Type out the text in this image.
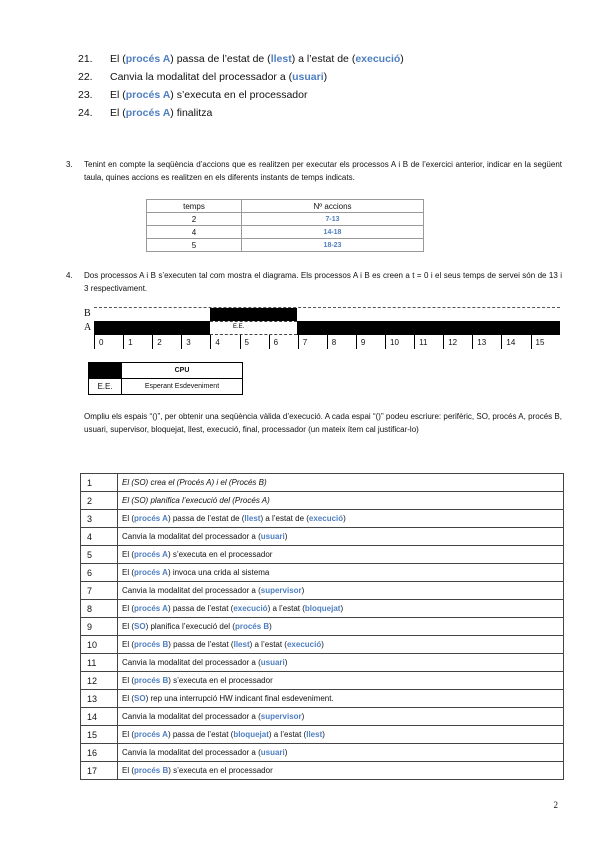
21. El (procés A) passa de l’estat de (llest) a l’estat de (execució)
22. Canvia la modalitat del processador a (usuari)
23. El (procés A) s’executa en el processador
24. El (procés A) finalitza
3. Tenint en compte la seqüència d’accions que es realitzen per executar els processos A i B de l’exercici anterior, indicar en la següent taula, quines accions es realitzen en els diferents instants de temps indicats.
temps	Nº accions
2	7-13
4	14-18
5	18-23
4. Dos processos A i B s’executen tal com mostra el diagrama. Els processos A i B es creen a t = 0 i el seus temps de servei són de 13 i 3 respectivament.
B
A	E.E.
0	1	2	3	4	5	6	7	8	9	10	11	12	13	14	15
	CPU
E.E.	Esperant Esdeveniment
Ompliu els espais “()”, per obtenir una seqüència vàlida d’execució. A cada espai “()” podeu escriure: perifèric, SO, procés A, procés B, usuari, supervisor, bloquejat, llest, execució, final, processador (un mateix ítem cal justificar-lo)
1	El (SO) crea el (Procés A) i el (Procés B)
2	El (SO) planifica l’execució del (Procés A)
3	El (procés A) passa de l’estat de (llest) a l’estat de (execució)
4	Canvia la modalitat del processador a (usuari)
5	El (procés A) s’executa en el processador
6	El (procés A) invoca una crida al sistema
7	Canvia la modalitat del processador a (supervisor)
8	El (procés A) passa de l’estat (execució) a l’estat (bloquejat)
9	El (SO) planifica l’execució del (procés B)
10	El (procés B) passa de l’estat (llest) a l’estat (execució)
11	Canvia la modalitat del processador a (usuari)
12	El (procés B) s’executa en el processador
13	El (SO) rep una interrupció HW indicant final esdeveniment.
14	Canvia la modalitat del processador a (supervisor)
15	El (procés A) passa de l’estat (bloquejat) a l’estat (llest)
16	Canvia la modalitat del processador a (usuari)
17	El (procés B) s’executa en el processador
2
